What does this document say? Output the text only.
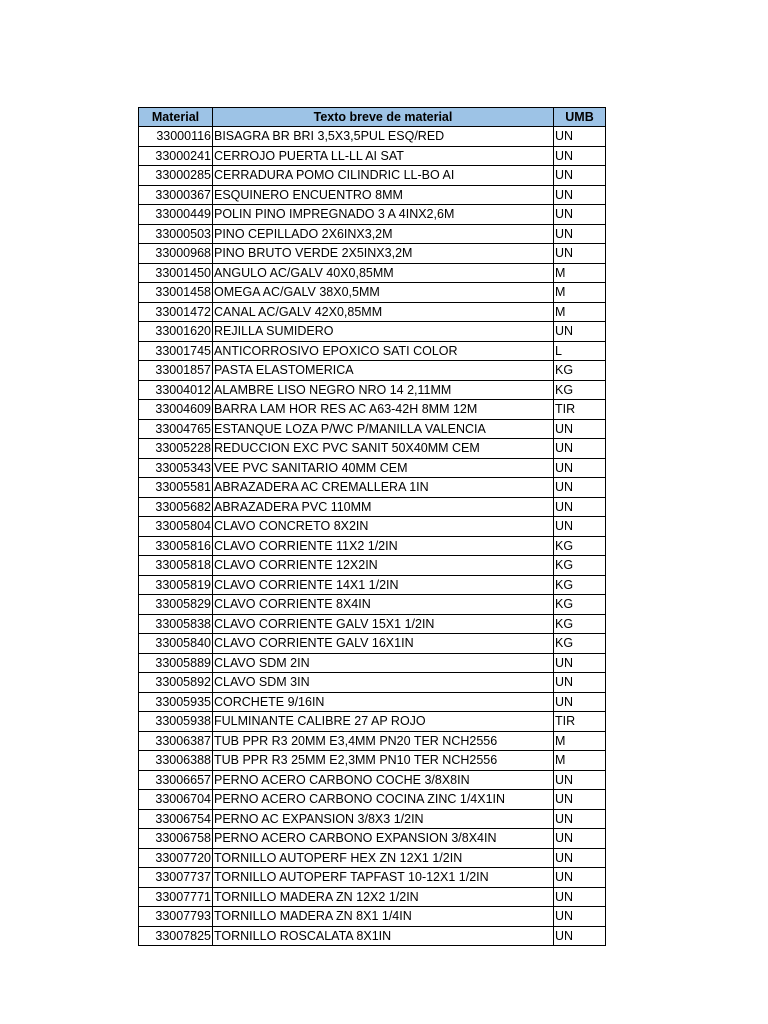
Material	Texto breve de material	UMB
33000116	BISAGRA BR BRI 3,5X3,5PUL ESQ/RED	UN
33000241	CERROJO PUERTA LL-LL AI SAT	UN
33000285	CERRADURA POMO CILINDRIC LL-BO AI	UN
33000367	ESQUINERO ENCUENTRO 8MM	UN
33000449	POLIN PINO IMPREGNADO 3 A 4INX2,6M	UN
33000503	PINO CEPILLADO 2X6INX3,2M	UN
33000968	PINO BRUTO VERDE 2X5INX3,2M	UN
33001450	ANGULO AC/GALV 40X0,85MM	M
33001458	OMEGA AC/GALV 38X0,5MM	M
33001472	CANAL AC/GALV 42X0,85MM	M
33001620	REJILLA SUMIDERO	UN
33001745	ANTICORROSIVO EPOXICO SATI COLOR	L
33001857	PASTA ELASTOMERICA	KG
33004012	ALAMBRE LISO NEGRO NRO 14 2,11MM	KG
33004609	BARRA LAM HOR RES AC A63-42H 8MM 12M	TIR
33004765	ESTANQUE LOZA P/WC P/MANILLA VALENCIA	UN
33005228	REDUCCION EXC PVC SANIT 50X40MM CEM	UN
33005343	VEE PVC SANITARIO 40MM CEM	UN
33005581	ABRAZADERA AC CREMALLERA 1IN	UN
33005682	ABRAZADERA PVC 110MM	UN
33005804	CLAVO CONCRETO 8X2IN	UN
33005816	CLAVO CORRIENTE 11X2 1/2IN	KG
33005818	CLAVO CORRIENTE 12X2IN	KG
33005819	CLAVO CORRIENTE 14X1 1/2IN	KG
33005829	CLAVO CORRIENTE 8X4IN	KG
33005838	CLAVO CORRIENTE GALV 15X1 1/2IN	KG
33005840	CLAVO CORRIENTE GALV 16X1IN	KG
33005889	CLAVO SDM 2IN	UN
33005892	CLAVO SDM 3IN	UN
33005935	CORCHETE 9/16IN	UN
33005938	FULMINANTE CALIBRE 27 AP ROJO	TIR
33006387	TUB PPR R3 20MM E3,4MM PN20 TER NCH2556	M
33006388	TUB PPR R3 25MM E2,3MM PN10 TER NCH2556	M
33006657	PERNO ACERO CARBONO COCHE 3/8X8IN	UN
33006704	PERNO ACERO CARBONO COCINA ZINC 1/4X1IN	UN
33006754	PERNO AC EXPANSION 3/8X3 1/2IN	UN
33006758	PERNO ACERO CARBONO EXPANSION 3/8X4IN	UN
33007720	TORNILLO AUTOPERF HEX ZN 12X1 1/2IN	UN
33007737	TORNILLO AUTOPERF TAPFAST 10-12X1 1/2IN	UN
33007771	TORNILLO MADERA ZN 12X2 1/2IN	UN
33007793	TORNILLO MADERA ZN 8X1 1/4IN	UN
33007825	TORNILLO ROSCALATA 8X1IN	UN
